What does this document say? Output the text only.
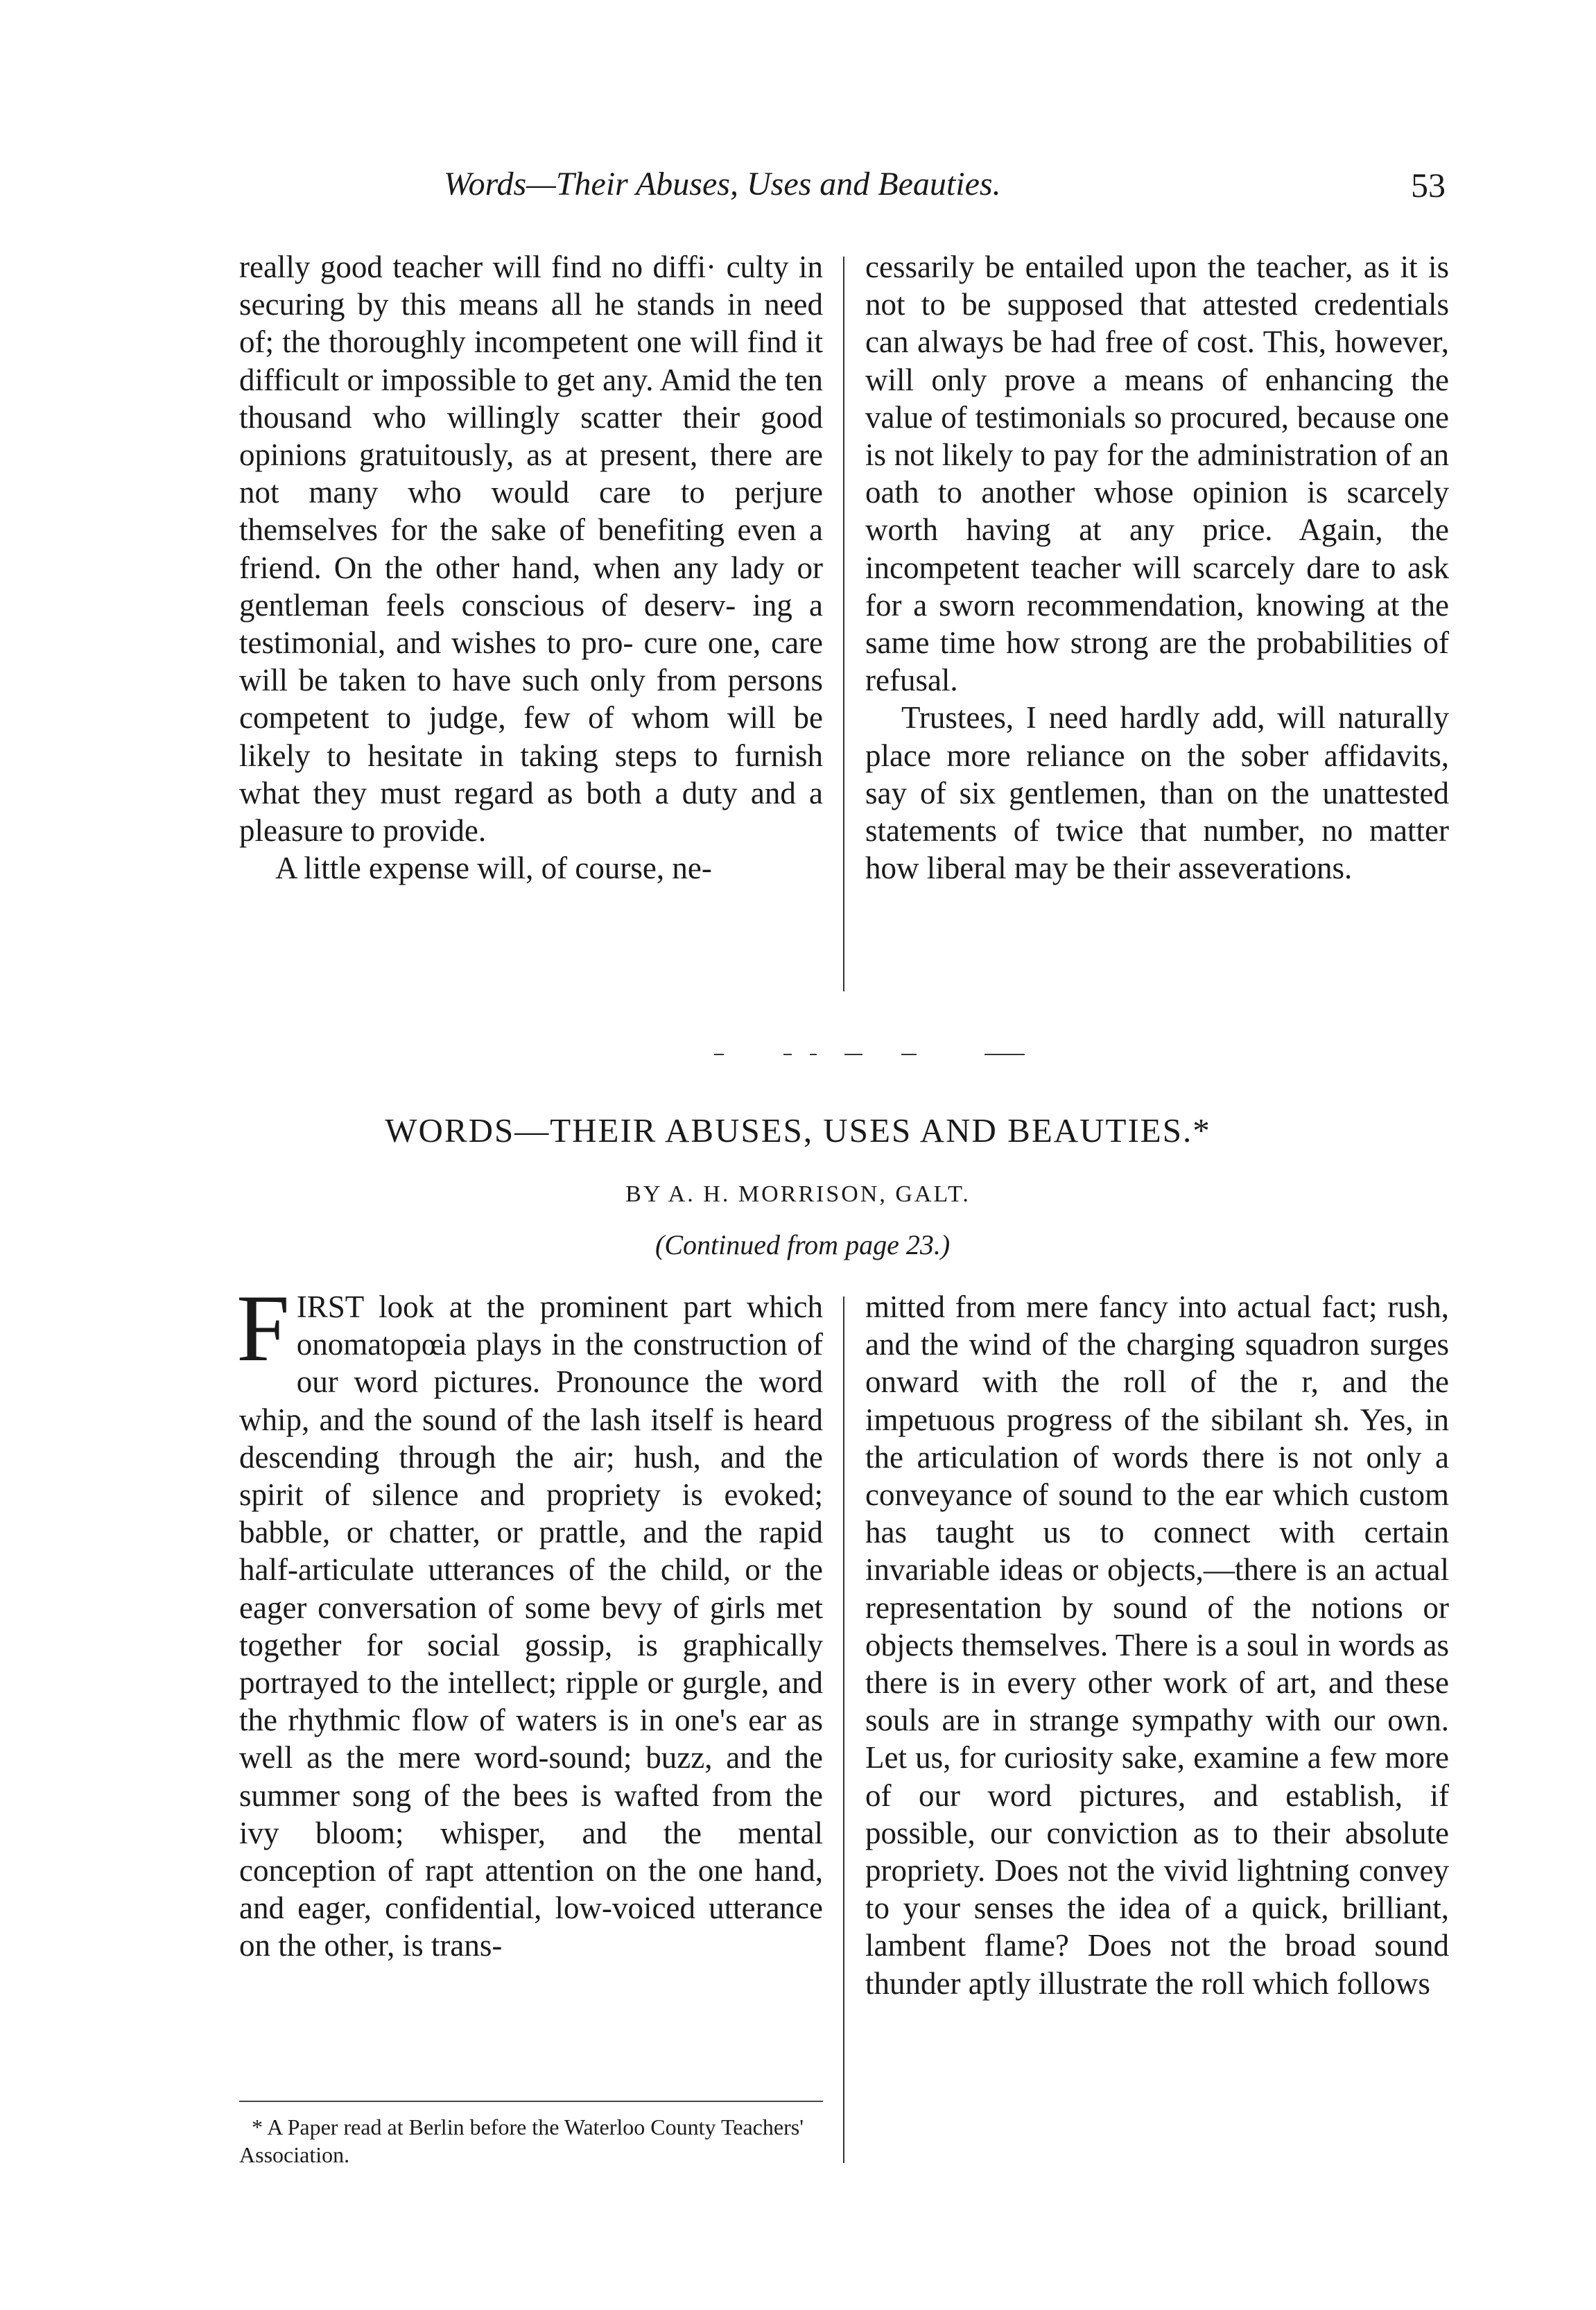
Words—Their Abuses, Uses and Beauties.	53

really good teacher will find no diffi· culty in securing by this means all he stands in need of; the thoroughly incompetent one will find it difficult or impossible to get any. Amid the ten thousand who willingly scatter their good opinions gratuitously, as at present, there are not many who would care to perjure themselves for the sake of benefiting even a friend. On the other hand, when any lady or gentleman feels conscious of deserv- ing a testimonial, and wishes to pro- cure one, care will be taken to have such only from persons competent to judge, few of whom will be likely to hesitate in taking steps to furnish what they must regard as both a duty and a pleasure to provide.

A little expense will, of course, ne-

cessarily be entailed upon the teacher, as it is not to be supposed that attested credentials can always be had free of cost. This, however, will only prove a means of enhancing the value of testimonials so procured, because one is not likely to pay for the administration of an oath to another whose opinion is scarcely worth having at any price. Again, the incompetent teacher will scarcely dare to ask for a sworn recommendation, knowing at the same time how strong are the probabilities of refusal.

Trustees, I need hardly add, will naturally place more reliance on the sober affidavits, say of six gentlemen, than on the unattested statements of twice that number, no matter how liberal may be their asseverations.

WORDS—THEIR ABUSES, USES AND BEAUTIES.*
BY A. H. MORRISON, GALT.
(Continued from page 23.)

FIRST look at the prominent part which onomatopœia plays in the construction of our word pictures. Pronounce the word whip, and the sound of the lash itself is heard descending through the air; hush, and the spirit of silence and propriety is evoked; babble, or chatter, or prattle, and the rapid half-articulate utterances of the child, or the eager conversation of some bevy of girls met together for social gossip, is graphically portrayed to the intellect; ripple or gurgle, and the rhythmic flow of waters is in one's ear as well as the mere word-sound; buzz, and the summer song of the bees is wafted from the ivy bloom; whisper, and the mental conception of rapt attention on the one hand, and eager, confidential, low-voiced utterance on the other, is trans-

mitted from mere fancy into actual fact; rush, and the wind of the charging squadron surges onward with the roll of the r, and the impetuous progress of the sibilant sh. Yes, in the articulation of words there is not only a conveyance of sound to the ear which custom has taught us to connect with certain invariable ideas or objects,—there is an actual representation by sound of the notions or objects themselves. There is a soul in words as there is in every other work of art, and these souls are in strange sympathy with our own. Let us, for curiosity sake, examine a few more of our word pictures, and establish, if possible, our conviction as to their absolute propriety. Does not the vivid lightning convey to your senses the idea of a quick, brilliant, lambent flame? Does not the broad sound thunder aptly illustrate the roll which follows

* A Paper read at Berlin before the Waterloo County Teachers' Association.
